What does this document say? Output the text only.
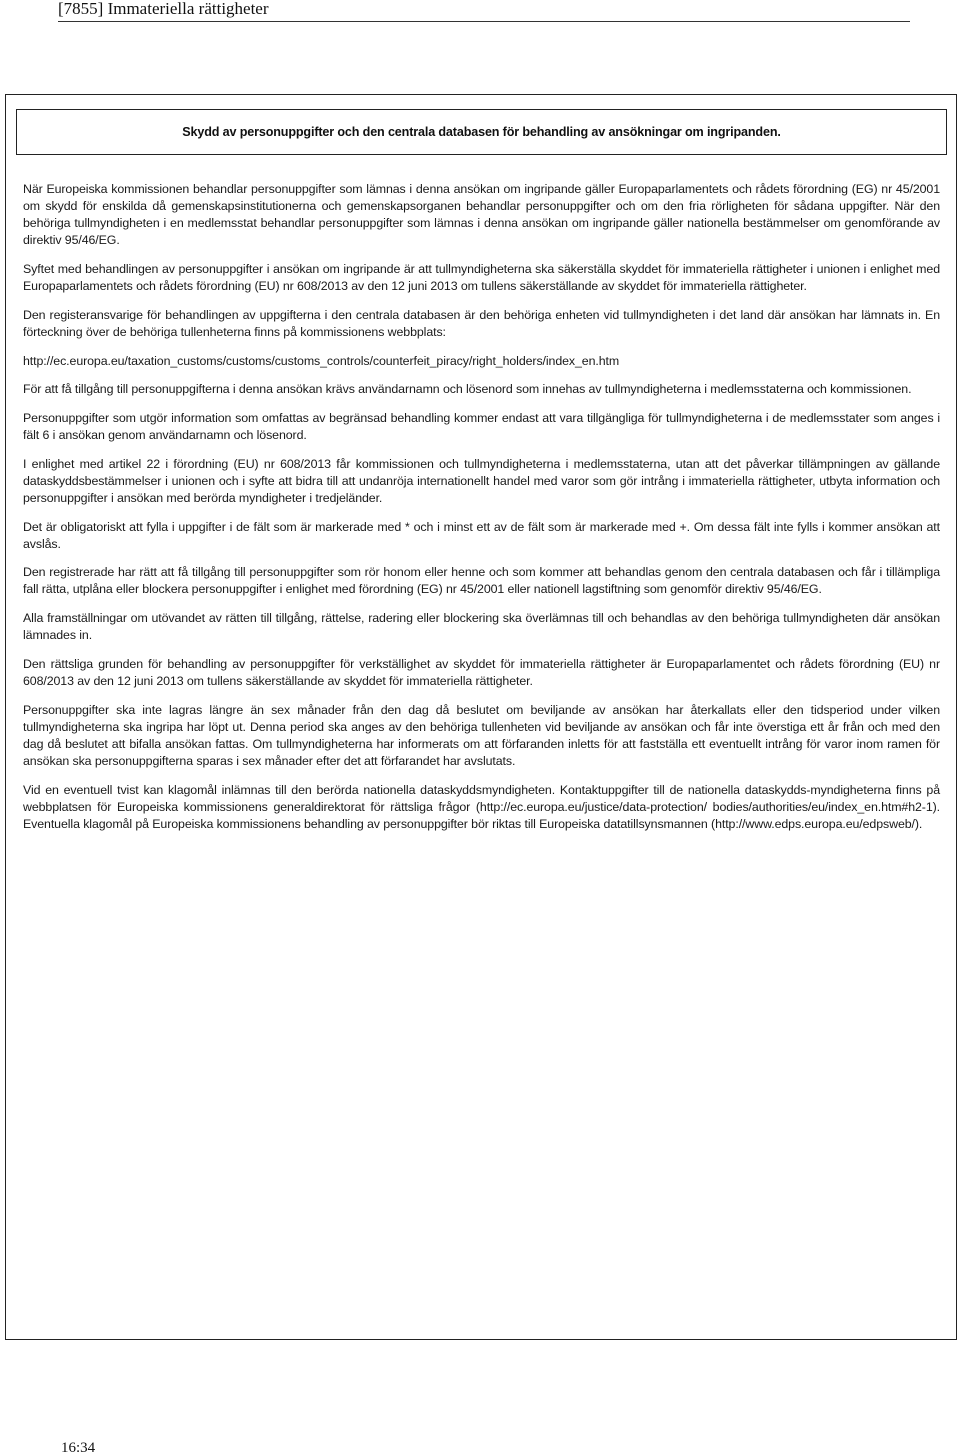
[7855] Immateriella rättigheter
Skydd av personuppgifter och den centrala databasen för behandling av ansökningar om ingripanden.

När Europeiska kommissionen behandlar personuppgifter som lämnas i denna ansökan om ingripande gäller Europaparlamentets och rådets förordning (EG) nr 45/2001 om skydd för enskilda då gemenskapsinstitutionerna och gemenskapsorganen behandlar personuppgifter och om den fria rörligheten för sådana uppgifter. När den behöriga tullmyndigheten i en medlemsstat behandlar personuppgifter som lämnas i denna ansökan om ingripande gäller nationella bestämmelser om genomförande av direktiv 95/46/EG.

Syftet med behandlingen av personuppgifter i ansökan om ingripande är att tullmyndigheterna ska säkerställa skyddet för immateriella rättigheter i unionen i enlighet med Europaparlamentets och rådets förordning (EU) nr 608/2013 av den 12 juni 2013 om tullens säkerställande av skyddet för immateriella rättigheter.

Den registeransvarige för behandlingen av uppgifterna i den centrala databasen är den behöriga enheten vid tullmyndigheten i det land där ansökan har lämnats in. En förteckning över de behöriga tullenheterna finns på kommissionens webbplats:

http://ec.europa.eu/taxation_customs/customs/customs_controls/counterfeit_piracy/right_holders/index_en.htm

För att få tillgång till personuppgifterna i denna ansökan krävs användarnamn och lösenord som innehas av tullmyndigheterna i medlemsstaterna och kommissionen.

Personuppgifter som utgör information som omfattas av begränsad behandling kommer endast att vara tillgängliga för tullmyndigheterna i de medlemsstater som anges i fält 6 i ansökan genom användarnamn och lösenord.

I enlighet med artikel 22 i förordning (EU) nr 608/2013 får kommissionen och tullmyndigheterna i medlemsstaterna, utan att det påverkar tillämpningen av gällande dataskyddsbestämmelser i unionen och i syfte att bidra till att undanröja internationellt handel med varor som gör intrång i immateriella rättigheter, utbyta information och personuppgifter i ansökan med berörda myndigheter i tredjeländer.

Det är obligatoriskt att fylla i uppgifter i de fält som är markerade med * och i minst ett av de fält som är markerade med +. Om dessa fält inte fylls i kommer ansökan att avslås.

Den registrerade har rätt att få tillgång till personuppgifter som rör honom eller henne och som kommer att behandlas genom den centrala databasen och får i tillämpliga fall rätta, utplåna eller blockera personuppgifter i enlighet med förordning (EG) nr 45/2001 eller nationell lagstiftning som genomför direktiv 95/46/EG.

Alla framställningar om utövandet av rätten till tillgång, rättelse, radering eller blockering ska överlämnas till och behandlas av den behöriga tullmyndigheten där ansökan lämnades in.

Den rättsliga grunden för behandling av personuppgifter för verkställighet av skyddet för immateriella rättigheter är Europaparlamentet och rådets förordning (EU) nr 608/2013 av den 12 juni 2013 om tullens säkerställande av skyddet för immateriella rättigheter.

Personuppgifter ska inte lagras längre än sex månader från den dag då beslutet om beviljande av ansökan har återkallats eller den tidsperiod under vilken tullmyndigheterna ska ingripa har löpt ut. Denna period ska anges av den behöriga tullenheten vid beviljande av ansökan och får inte överstiga ett år från och med den dag då beslutet att bifalla ansökan fattas. Om tullmyndigheterna har informerats om att förfaranden inletts för att fastställa ett eventuellt intrång för varor inom ramen för ansökan ska personuppgifterna sparas i sex månader efter det att förfarandet har avslutats.

Vid en eventuell tvist kan klagomål inlämnas till den berörda nationella dataskyddsmyndigheten. Kontaktuppgifter till de nationella dataskydds-myndigheterna finns på webbplatsen för Europeiska kommissionens generaldirektorat för rättsliga frågor (http://ec.europa.eu/justice/data-protection/ bodies/authorities/eu/index_en.htm#h2-1). Eventuella klagomål på Europeiska kommissionens behandling av personuppgifter bör riktas till Europeiska datatillsynsmannen (http://www.edps.europa.eu/edpsweb/).

16:34
